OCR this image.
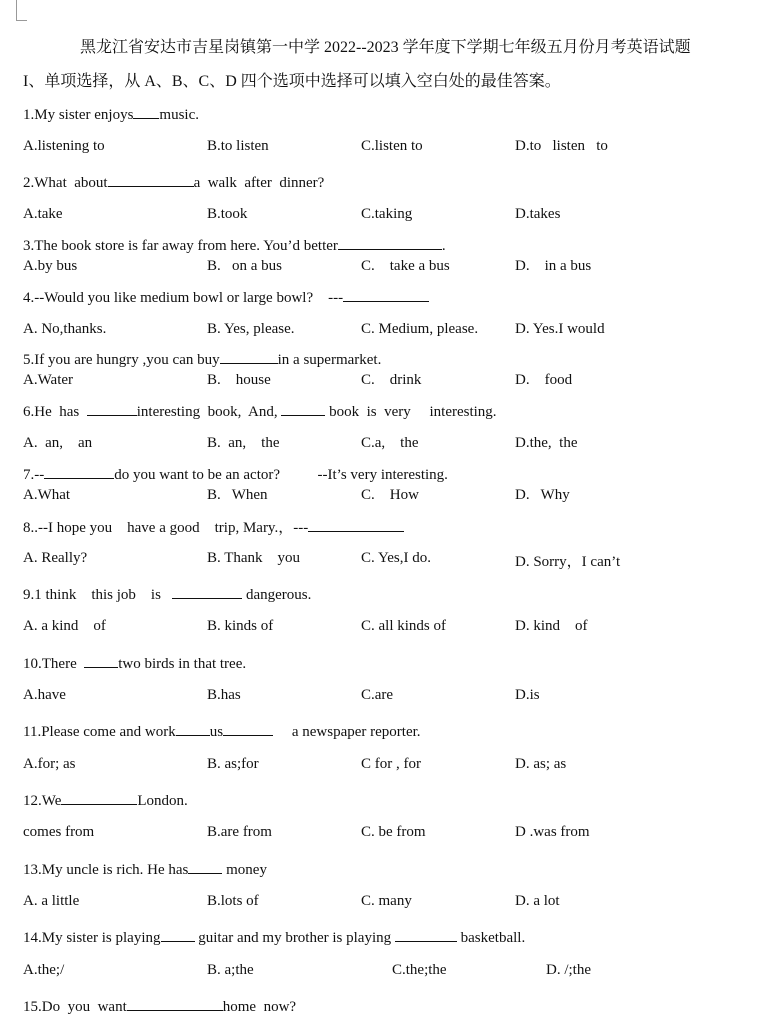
黑龙江省安达市吉星岗镇第一中学 2022--2023 学年度下学期七年级五月份月考英语试题
I、单项选择，从 A、B、C、D 四个选项中选择可以填入空白处的最佳答案。
1.My sister enjoys music.
A.listening to	B.to listen	C.listen to	D.to   listen   to
2.What  about	a  walk  after  dinner?
A.take	B.took	C.taking	D.takes
3.The book store is far away from here. You’d better	.
A.by bus	B.   on a bus	C.    take a bus	D.    in a bus
4.--Would you like medium bowl or large bowl?    ---
A. No,thanks.	B. Yes, please.	C. Medium, please. D. Yes.I would
5.If you are hungry ,you can buy	in a supermarket.
A.Water	B.    house	C.    drink	D.    food
6.He  has	interesting  book,  And,	book  is  very     interesting.
A.  an,    an	B.  an,    the	C.a,    the	D.the,  the
7.--	do you want to be an actor?          --It’s very interesting.
A.What	B.   When	C.    How	D.   Why
8..--I hope you    have a good    trip, Mary.，---
A. Really?	B. Thank    you	C. Yes,I do.	D. Sorry，I can’t
9.1 think    this job    is	dangerous.
A. a kind    of	B. kinds of	C. all kinds of	D. kind    of
10.There	two birds in that tree.
A.have	B.has	C.are	D.is
11.Please come and work us	a newspaper reporter.
A.for; as	B. as;for	C for , for	D. as; as
12.We	London.
comes from	B.are from	C. be from	D .was from
13.My uncle is rich. He has	money
A. a little	B.lots of	C. many	D. a lot
14.My sister is playing	guitar and my brother is playing	basketball.
A.the;/	B. a;the	C.the;the	D. /;the
15.Do  you  want	home  now?
